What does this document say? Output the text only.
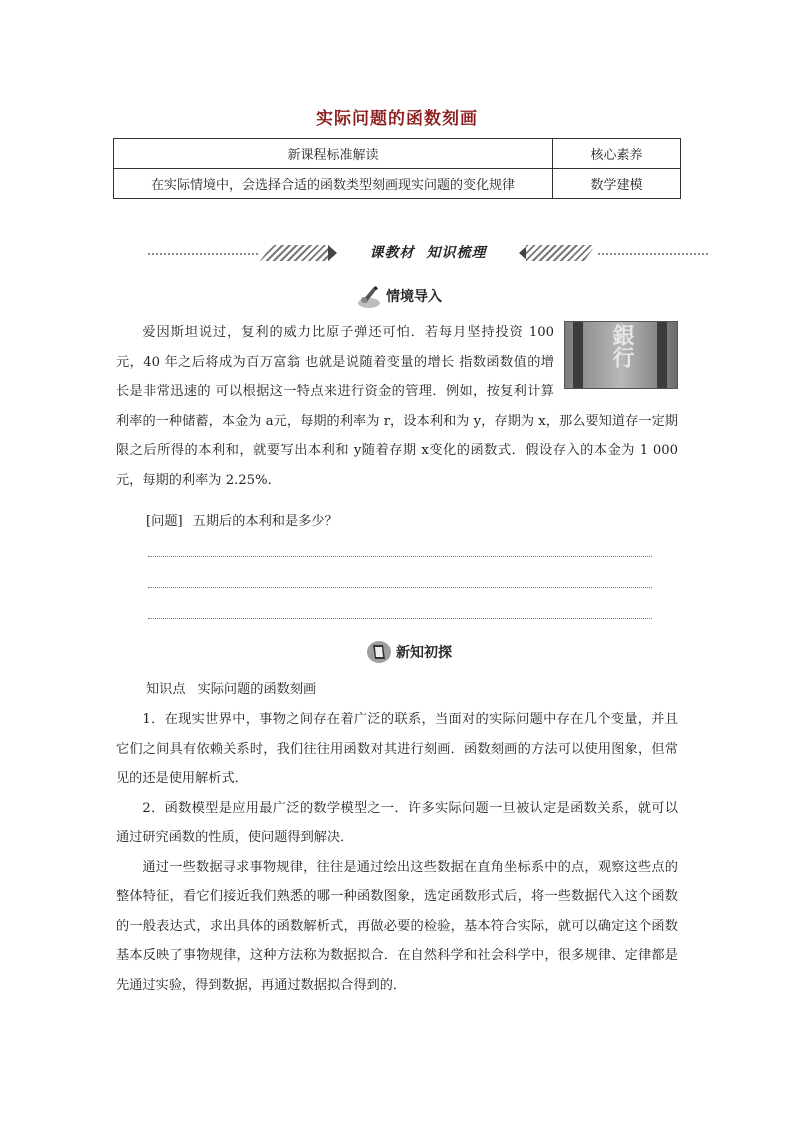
实际问题的函数刻画
新课程标准解读	核心素养
在实际情境中，会选择合适的函数类型刻画现实问题的变化规律	数学建模
课教材 知识梳理
情境导入
銀行

爱因斯坦说过，复利的威力比原子弹还可怕．若每月坚持投资 100 元，40 年之后将成为百万富翁 也就是说随着变量的增长 指数函数值的增长是非常迅速的 可以根据这一特点来进行资金的管理．例如，按复利计算利率的一种储蓄，本金为 a元，每期的利率为 r，设本利和为 y，存期为 x，那么要知道存一定期限之后所得的本利和，就要写出本利和 y随着存期 x变化的函数式．假设存入的本金为 1 000元，每期的利率为 2.25%.

[问题] 五期后的本利和是多少？
新知初探
知识点 实际问题的函数刻画

1．在现实世界中，事物之间存在着广泛的联系，当面对的实际问题中存在几个变量，并且它们之间具有依赖关系时，我们往往用函数对其进行刻画．函数刻画的方法可以使用图象，但常见的还是使用解析式．

2．函数模型是应用最广泛的数学模型之一．许多实际问题一旦被认定是函数关系，就可以通过研究函数的性质，使问题得到解决．

通过一些数据寻求事物规律，往往是通过绘出这些数据在直角坐标系中的点，观察这些点的整体特征，看它们接近我们熟悉的哪一种函数图象，选定函数形式后，将一些数据代入这个函数的一般表达式，求出具体的函数解析式，再做必要的检验，基本符合实际，就可以确定这个函数基本反映了事物规律，这种方法称为数据拟合．在自然科学和社会科学中，很多规律、定律都是先通过实验，得到数据，再通过数据拟合得到的．
